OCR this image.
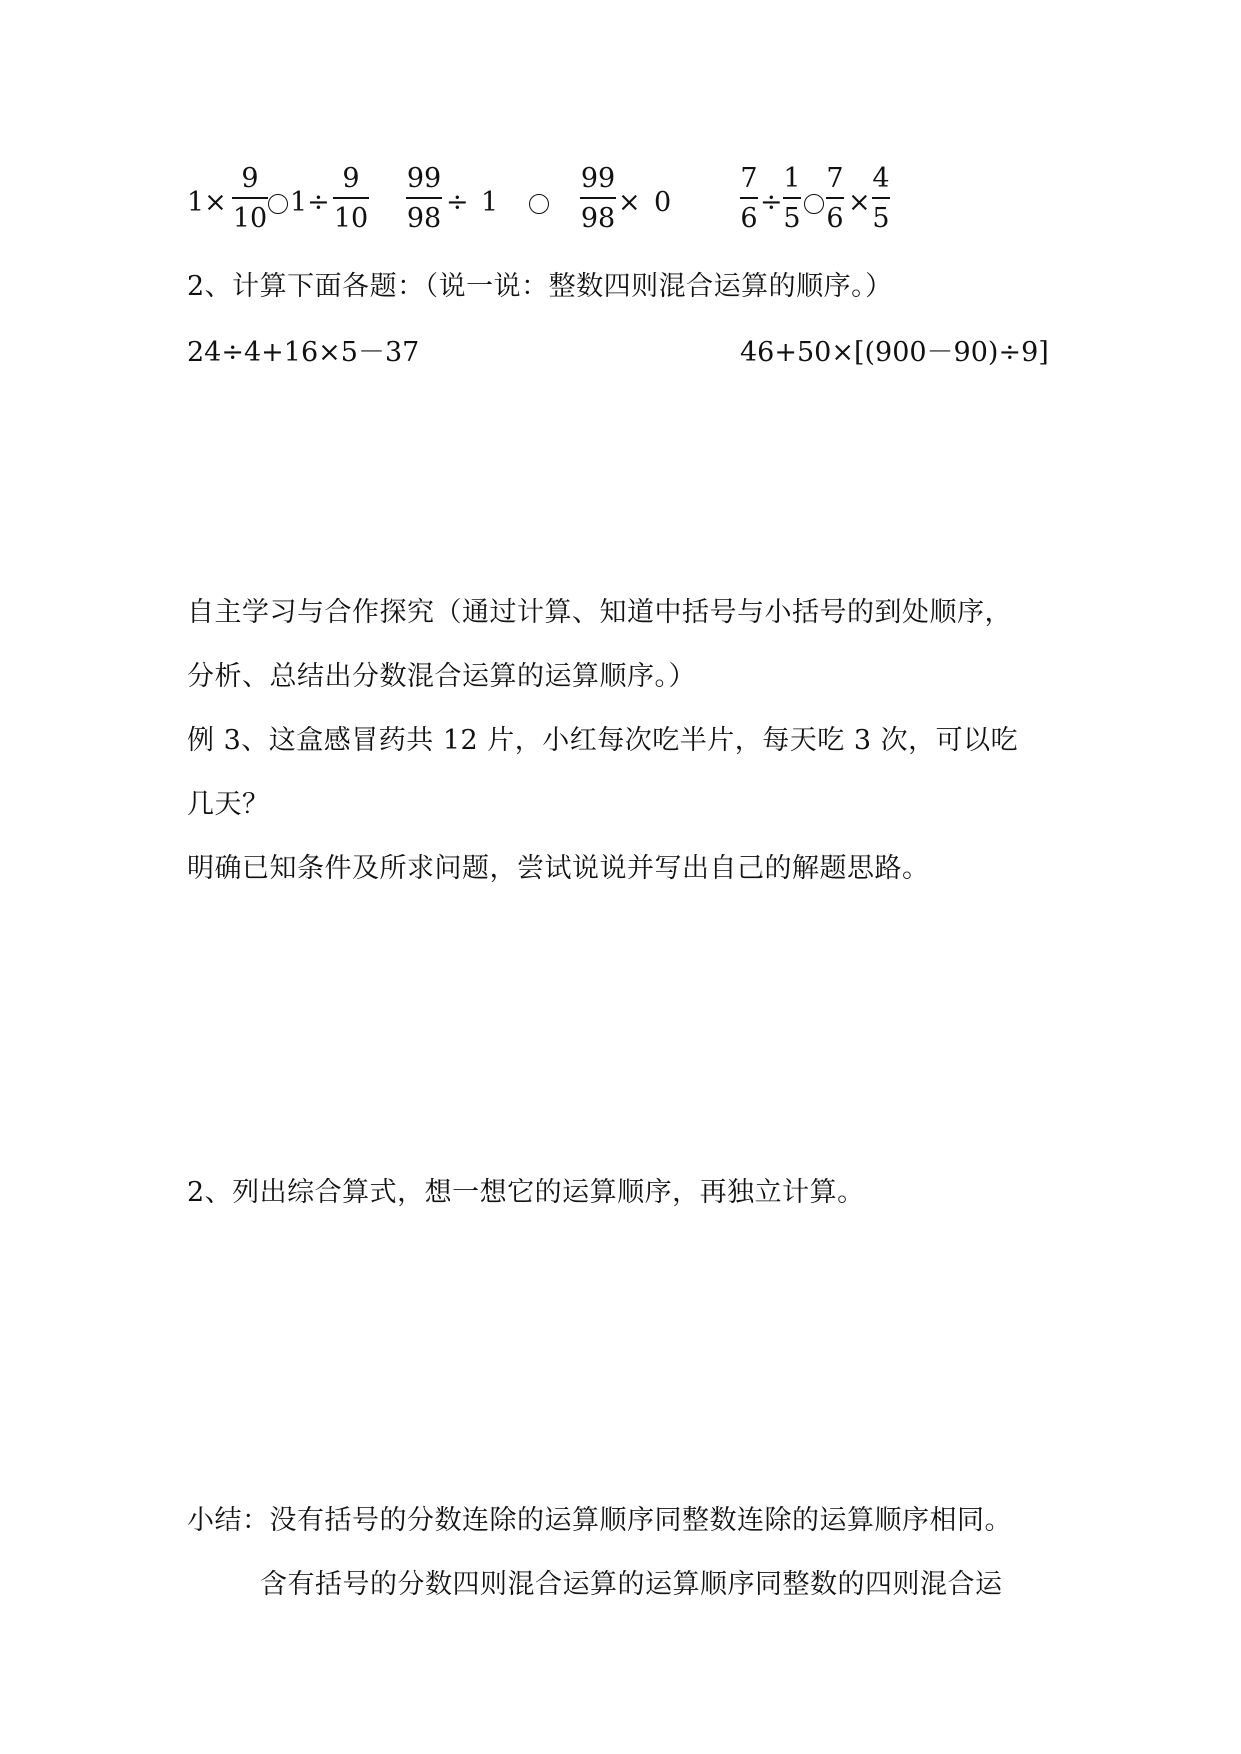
1×
9
10
1÷
9
10
99
98
÷ 1
99
98
× 0
7
6
÷
1
5
7
6
×
4
5
2、计算下面各题：（说一说：整数四则混合运算的顺序。）
24÷4+16×5－37	46+50×[(900－90)÷9]
自主学习与合作探究（通过计算、知道中括号与小括号的到处顺序，
分析、总结出分数混合运算的运算顺序。）
例 3、这盒感冒药共 12 片，小红每次吃半片，每天吃 3 次，可以吃
几天？
明确已知条件及所求问题，尝试说说并写出自己的解题思路。
2、列出综合算式，想一想它的运算顺序，再独立计算。
小结：没有括号的分数连除的运算顺序同整数连除的运算顺序相同。
含有括号的分数四则混合运算的运算顺序同整数的四则混合运
